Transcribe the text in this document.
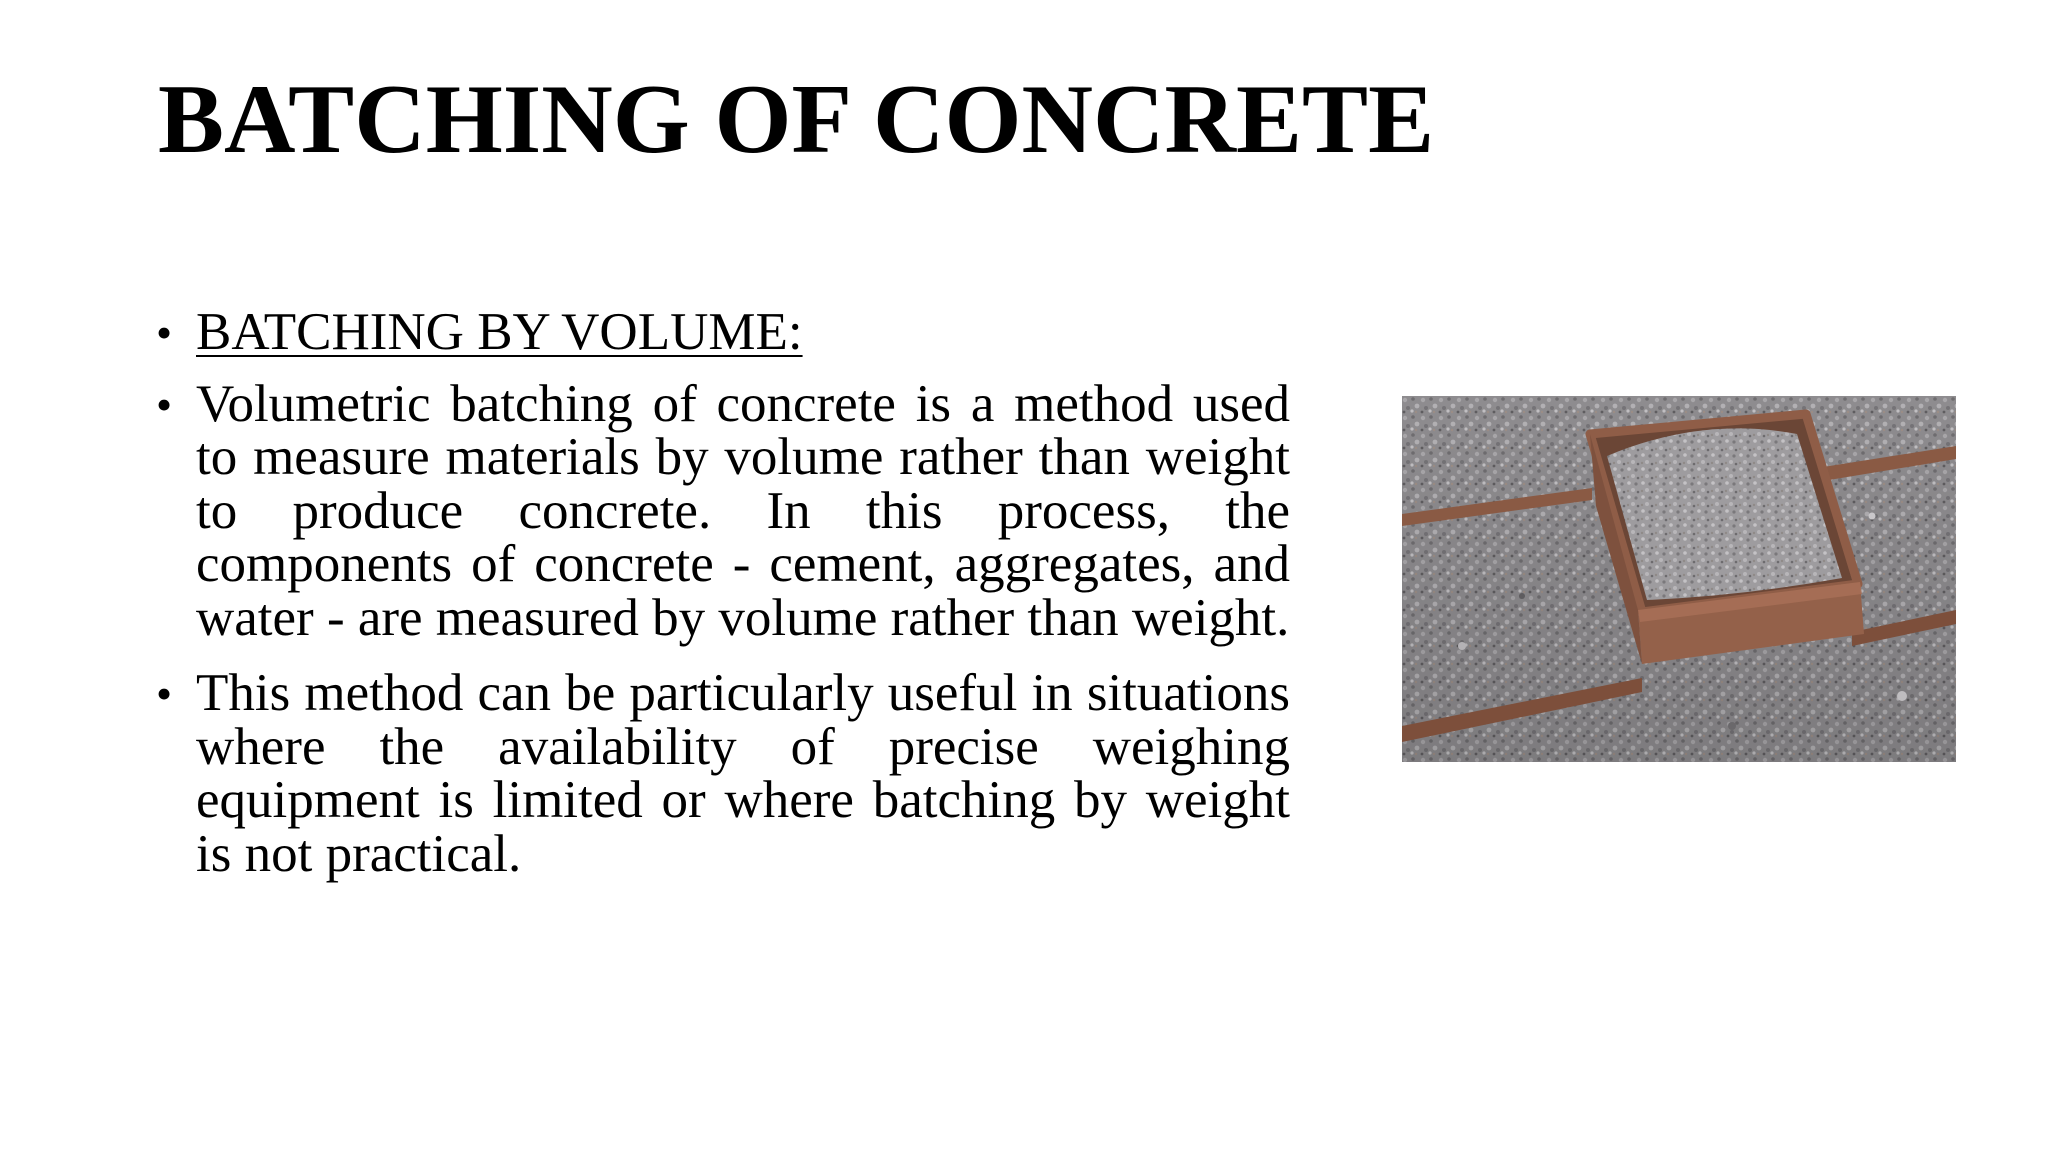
BATCHING OF CONCRETE
• BATCHING BY VOLUME:
• Volumetric batching of concrete is a method used to measure materials by volume rather than weight to produce concrete. In this process, the components of concrete - cement, aggregates, and water - are measured by volume rather than weight.
• This method can be particularly useful in situations where the availability of precise weighing equipment is limited or where batching by weight is not practical.
